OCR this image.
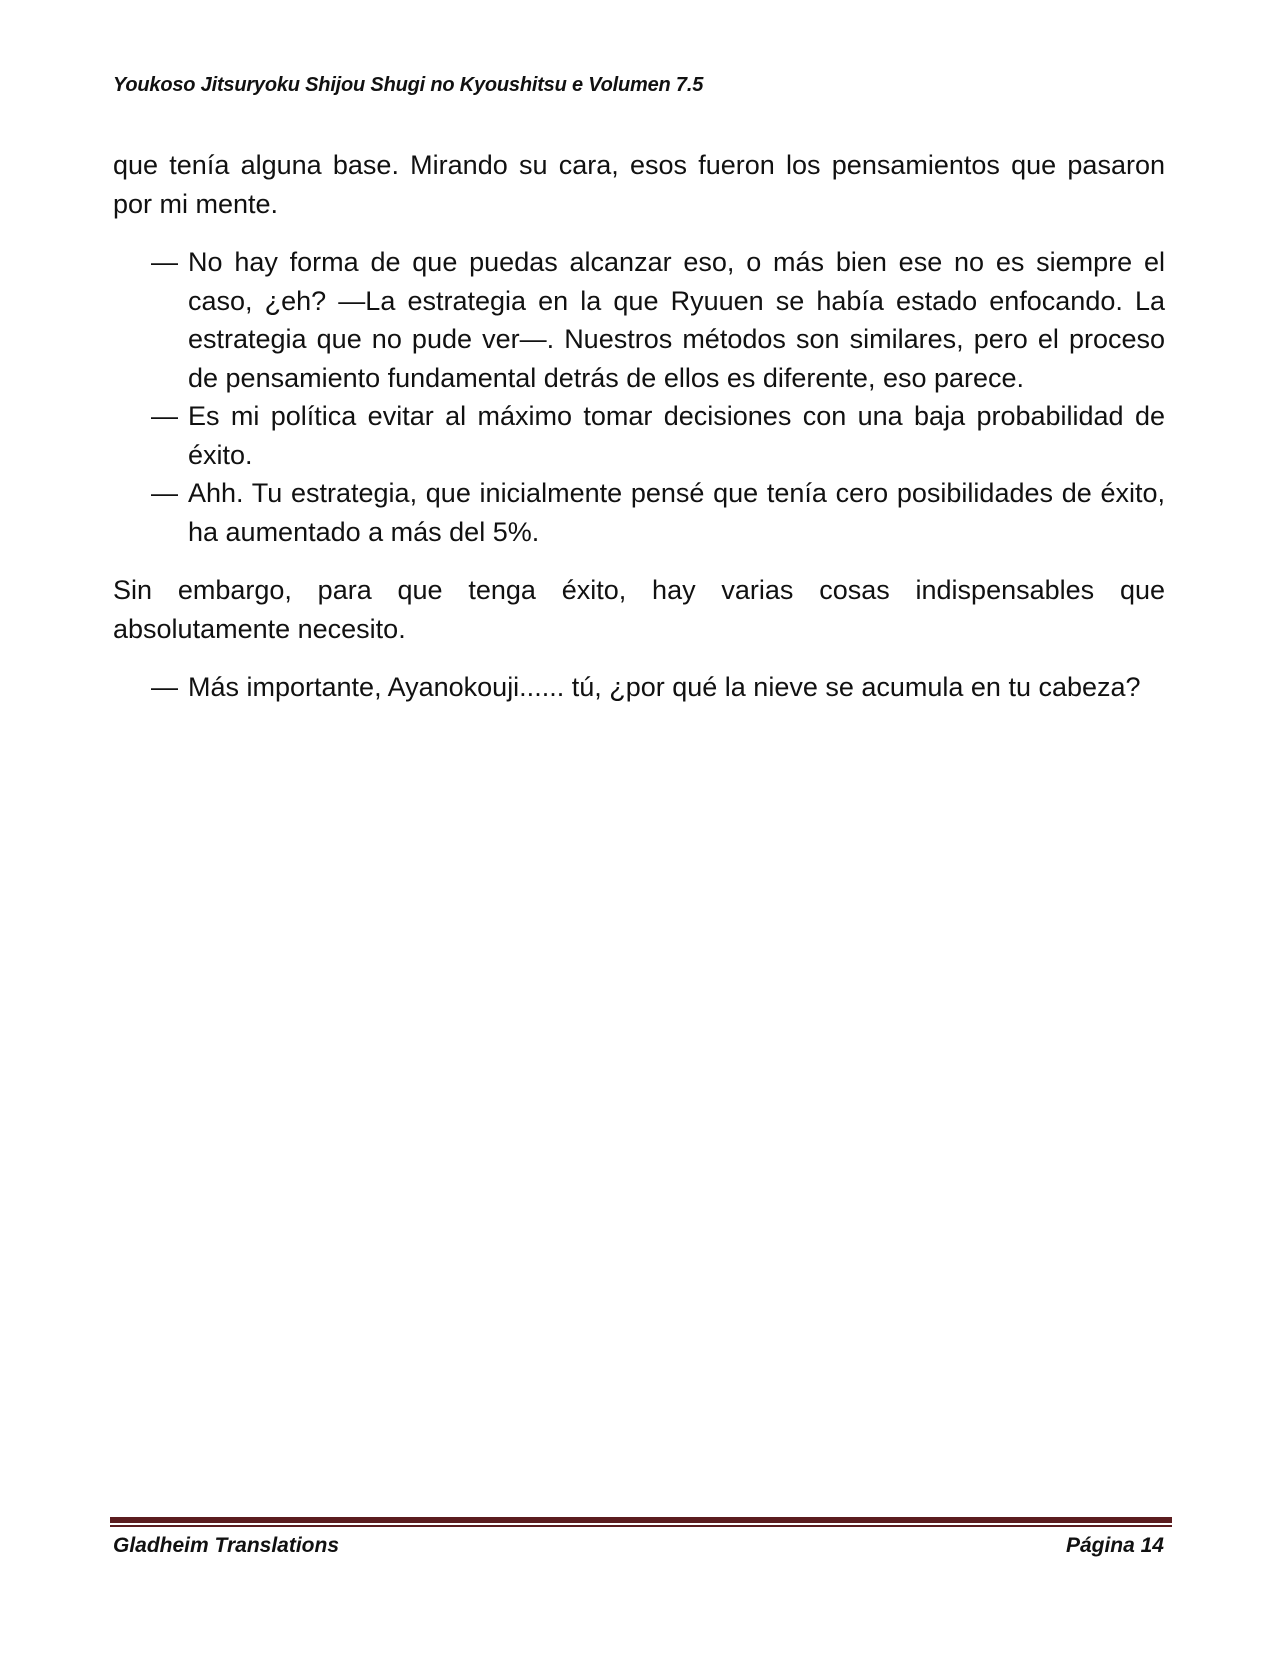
Youkoso Jitsuryoku Shijou Shugi no Kyoushitsu e Volumen 7.5

que tenía alguna base. Mirando su cara, esos fueron los pensamientos que pasaron por mi mente.

— No hay forma de que puedas alcanzar eso, o más bien ese no es siempre el caso, ¿eh? —La estrategia en la que Ryuuen se había estado enfocando. La estrategia que no pude ver—. Nuestros métodos son similares, pero el proceso de pensamiento fundamental detrás de ellos es diferente, eso parece.

— Es mi política evitar al máximo tomar decisiones con una baja probabilidad de éxito.

— Ahh. Tu estrategia, que inicialmente pensé que tenía cero posibilidades de éxito, ha aumentado a más del 5%.

Sin embargo, para que tenga éxito, hay varias cosas indispensables que absolutamente necesito.

— Más importante, Ayanokouji...... tú, ¿por qué la nieve se acumula en tu cabeza?

Gladheim Translations	Página 14
